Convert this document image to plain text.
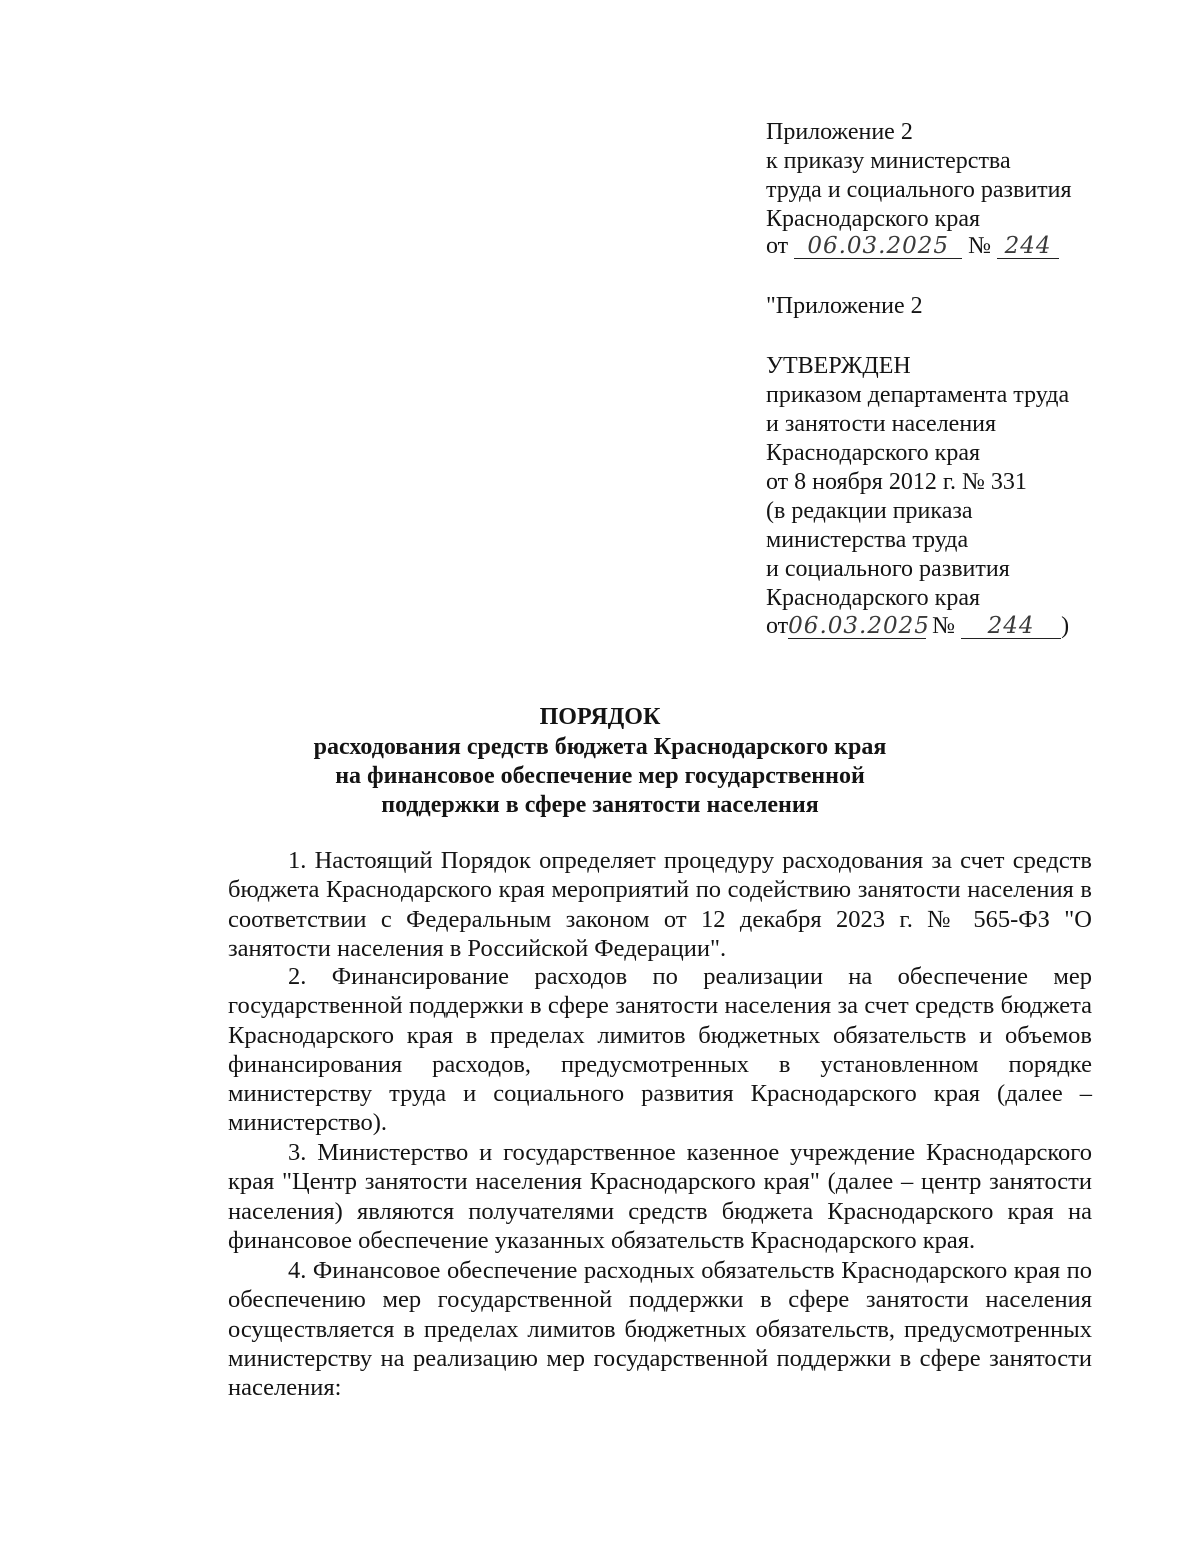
Приложение 2
к приказу министерства
труда и социального развития
Краснодарского края
от 06.03.2025 № 244
"Приложение 2
УТВЕРЖДЕН
приказом департамента труда
и занятости населения
Краснодарского края
от 8 ноября 2012 г. № 331
(в редакции приказа
министерства труда
и социального развития
Краснодарского края
от06.03.2025 № 244 )
ПОРЯДОК
расходования средств бюджета Краснодарского края
на финансовое обеспечение мер государственной
поддержки в сфере занятости населения
1. Настоящий Порядок определяет процедуру расходования за счет средств бюджета Краснодарского края мероприятий по содействию занятости населения в соответствии с Федеральным законом от 12 декабря 2023 г. № 565-ФЗ "О занятости населения в Российской Федерации".
2. Финансирование расходов по реализации на обеспечение мер государственной поддержки в сфере занятости населения за счет средств бюджета Краснодарского края в пределах лимитов бюджетных обязательств и объемов финансирования расходов, предусмотренных в установленном порядке министерству труда и социального развития Краснодарского края (далее – министерство).
3. Министерство и государственное казенное учреждение Краснодарского края "Центр занятости населения Краснодарского края" (далее – центр занятости населения) являются получателями средств бюджета Краснодарского края на финансовое обеспечение указанных обязательств Краснодарского края.
4. Финансовое обеспечение расходных обязательств Краснодарского края по обеспечению мер государственной поддержки в сфере занятости населения осуществляется в пределах лимитов бюджетных обязательств, предусмотренных министерству на реализацию мер государственной поддержки в сфере занятости населения:
